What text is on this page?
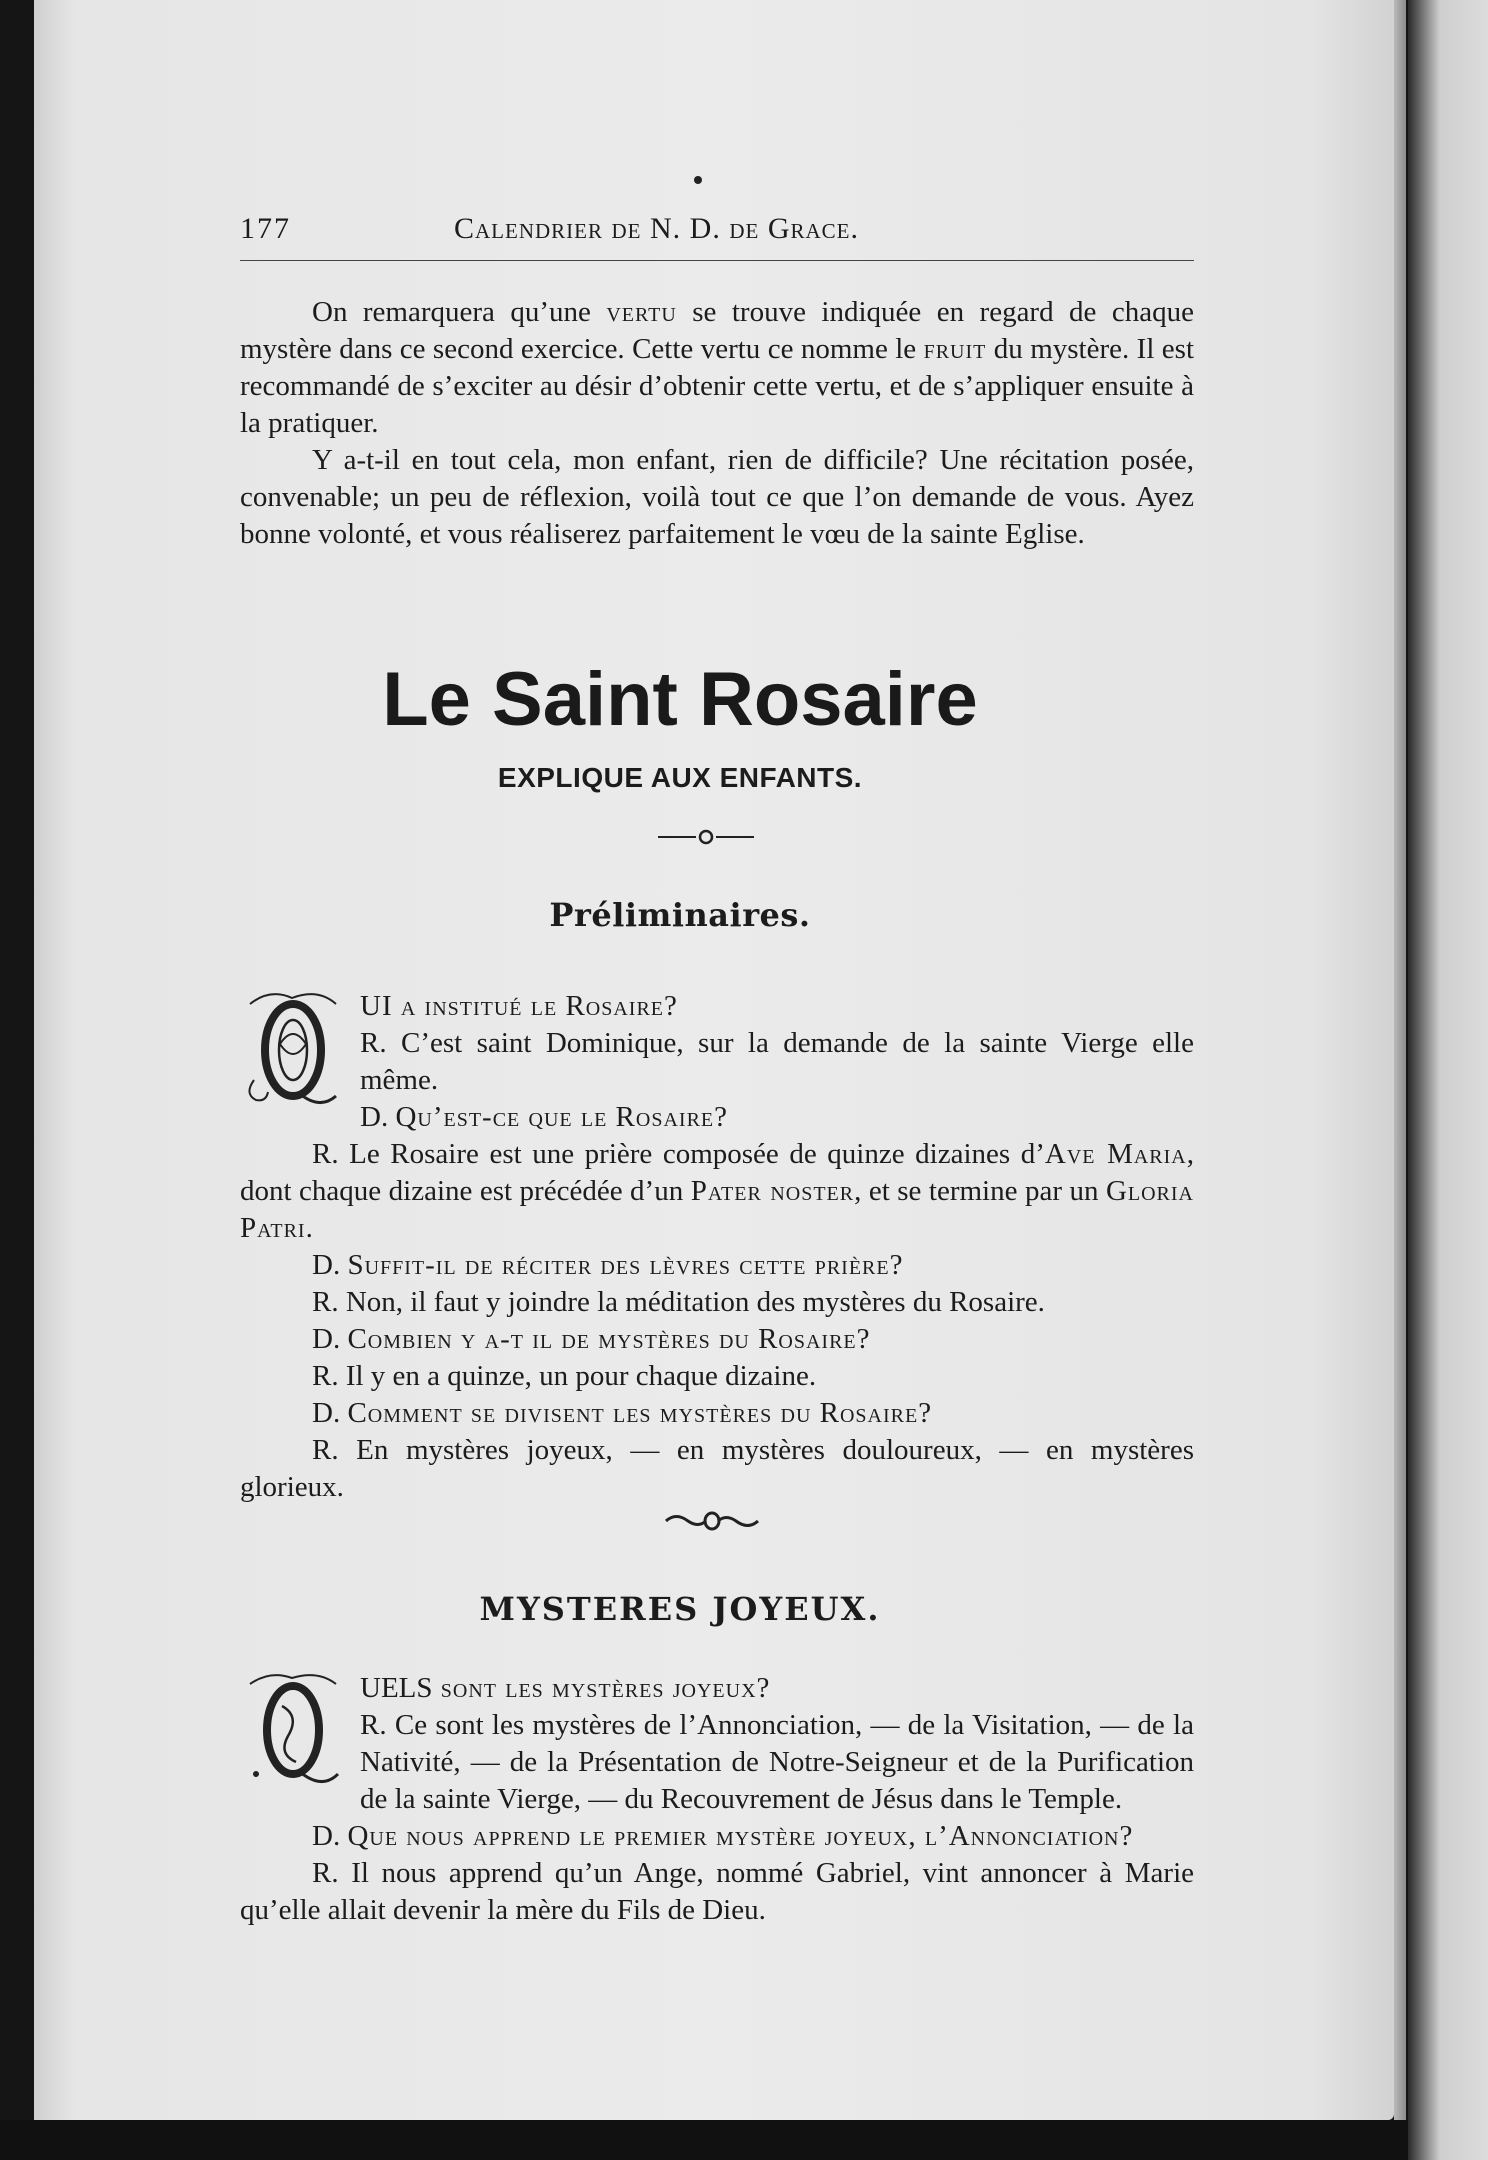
177	Calendrier de N. D. de Grace.

On remarquera qu’une vertu se trouve indiquée en regard de chaque mystère dans ce second exercice. Cette vertu ce nomme le fruit du mystère. Il est recommandé de s’exciter au désir d’obtenir cette vertu, et de s’appliquer ensuite à la pratiquer.

Y a-t-il en tout cela, mon enfant, rien de difficile? Une récitation posée, convenable; un peu de réflexion, voilà tout ce que l’on demande de vous. Ayez bonne volonté, et vous réaliserez parfaitement le vœu de la sainte Eglise.

Le Saint Rosaire
EXPLIQUE AUX ENFANTS.
Préliminaires.

UI a institué le Rosaire?

R. C’est saint Dominique, sur la demande de la sainte Vierge elle même.

D. Qu’est-ce que le Rosaire?

R. Le Rosaire est une prière composée de quinze dizaines d’Ave Maria, dont chaque dizaine est précédée d’un Pater noster, et se termine par un Gloria Patri.

D. Suffit-il de réciter des lèvres cette prière?

R. Non, il faut y joindre la méditation des mystères du Rosaire.

D. Combien y a-t il de mystères du Rosaire?

R. Il y en a quinze, un pour chaque dizaine.

D. Comment se divisent les mystères du Rosaire?

R. En mystères joyeux, — en mystères douloureux, — en mystères glorieux.

MYSTERES JOYEUX.

UELS sont les mystères joyeux?

R. Ce sont les mystères de l’Annonciation, — de la Visitation, — de la Nativité, — de la Présentation de Notre-Seigneur et de la Purification de la sainte Vierge, — du Recouvrement de Jésus dans le Temple.

D. Que nous apprend le premier mystère joyeux, l’Annonciation?

R. Il nous apprend qu’un Ange, nommé Gabriel, vint annoncer à Marie qu’elle allait devenir la mère du Fils de Dieu.
